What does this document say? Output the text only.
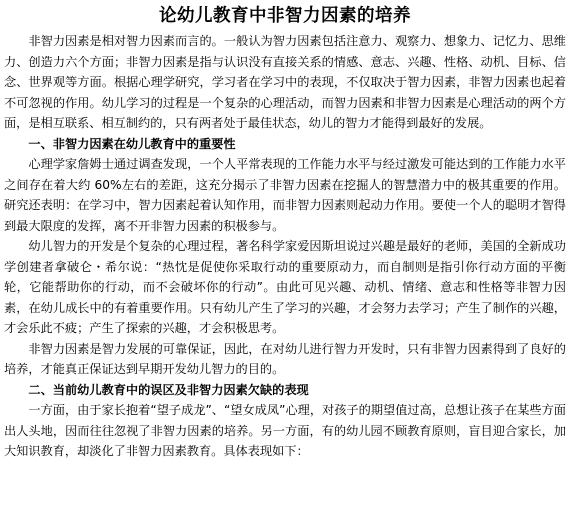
论幼儿教育中非智力因素的培养

非智力因素是相对智力因素而言的。一般认为智力因素包括注意力、观察力、想象力、记忆力、思维力、创造力六个方面；非智力因素是指与认识没有直接关系的情感、意志、兴趣、性格、动机、目标、信念、世界观等方面。根据心理学研究，学习者在学习中的表现，不仅取决于智力因素，非智力因素也起着不可忽视的作用。幼儿学习的过程是一个复杂的心理活动，而智力因素和非智力因素是心理活动的两个方面，是相互联系、相互制约的，只有两者处于最佳状态，幼儿的智力才能得到最好的发展。

一、非智力因素在幼儿教育中的重要性

心理学家詹姆士通过调查发现，一个人平常表现的工作能力水平与经过激发可能达到的工作能力水平之间存在着大约 60%左右的差距，这充分揭示了非智力因素在挖掘人的智慧潜力中的极其重要的作用。研究还表明：在学习中，智力因素起着认知作用，而非智力因素则起动力作用。要使一个人的聪明才智得到最大限度的发挥，离不开非智力因素的积极参与。

幼儿智力的开发是个复杂的心理过程，著名科学家爱因斯坦说过兴趣是最好的老师，美国的全新成功学创建者拿破仑・希尔说：“热忱是促使你采取行动的重要原动力，而自制则是指引你行动方面的平衡轮，它能帮助你的行动，而不会破坏你的行动”。由此可见兴趣、动机、情绪、意志和性格等非智力因素，在幼儿成长中的有着重要作用。只有幼儿产生了学习的兴趣，才会努力去学习；产生了制作的兴趣，才会乐此不疲；产生了探索的兴趣，才会积极思考。

非智力因素是智力发展的可靠保证，因此，在对幼儿进行智力开发时，只有非智力因素得到了良好的培养，才能真正保证达到早期开发幼儿智力的目的。

二、当前幼儿教育中的误区及非智力因素欠缺的表现

一方面，由于家长抱着“望子成龙”、“望女成凤”心理，对孩子的期望值过高，总想让孩子在某些方面出人头地，因而往往忽视了非智力因素的培养。另一方面，有的幼儿园不顾教育原则，盲目迎合家长，加大知识教育，却淡化了非智力因素教育。具体表现如下：
